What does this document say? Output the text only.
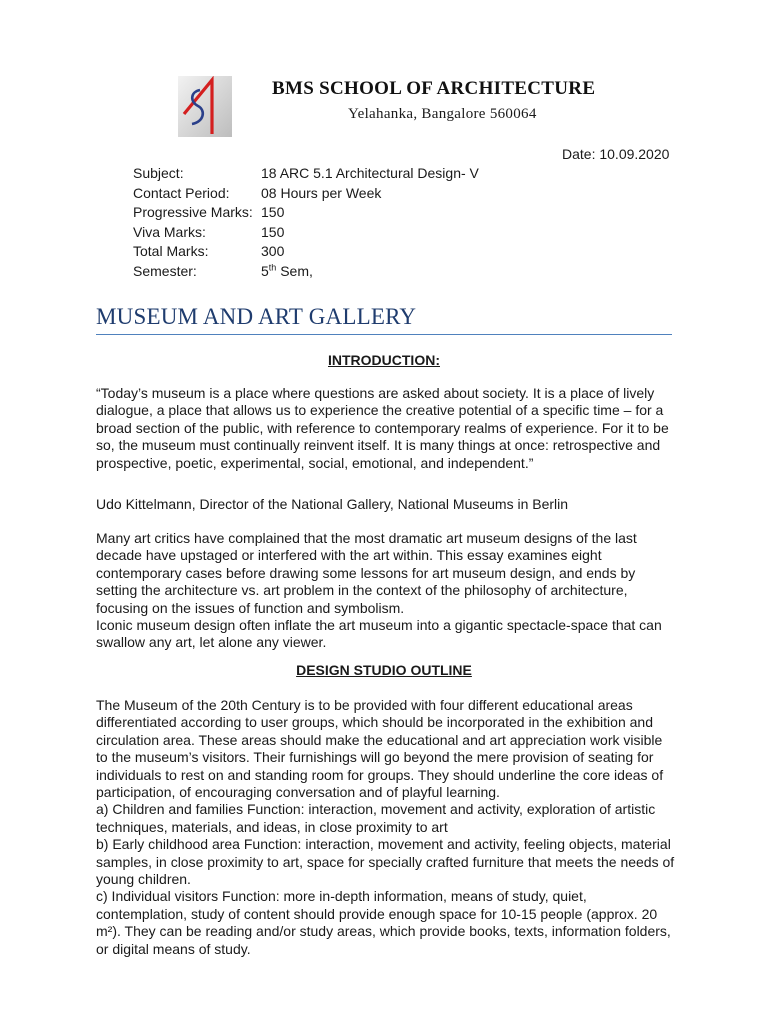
BMS SCHOOL OF ARCHITECTURE
Yelahanka, Bangalore 560064
Date: 10.09.2020
Subject:	18 ARC 5.1 Architectural Design- V
Contact Period:	08 Hours per Week
Progressive Marks: 150
Viva Marks:	150
Total Marks:	300
Semester:	5th Sem,
MUSEUM AND ART GALLERY
INTRODUCTION:
“Today’s museum is a place where questions are asked about society. It is a place of lively dialogue, a place that allows us to experience the creative potential of a specific time – for a broad section of the public, with reference to contemporary realms of experience. For it to be so, the museum must continually reinvent itself. It is many things at once: retrospective and prospective, poetic, experimental, social, emotional, and independent.”
Udo Kittelmann, Director of the National Gallery, National Museums in Berlin

Many art critics have complained that the most dramatic art museum designs of the last decade have upstaged or interfered with the art within. This essay examines eight contemporary cases before drawing some lessons for art museum design, and ends by setting the architecture vs. art problem in the context of the philosophy of architecture, focusing on the issues of function and symbolism.

Iconic museum design often inflate the art museum into a gigantic spectacle-space that can swallow any art, let alone any viewer.

DESIGN STUDIO OUTLINE

The Museum of the 20th Century is to be provided with four different educational areas differentiated according to user groups, which should be incorporated in the exhibition and circulation area. These areas should make the educational and art appreciation work visible to the museum’s visitors. Their furnishings will go beyond the mere provision of seating for individuals to rest on and standing room for groups. They should underline the core ideas of participation, of encouraging conversation and of playful learning.

a) Children and families Function: interaction, movement and activity, exploration of artistic techniques, materials, and ideas, in close proximity to art

b) Early childhood area Function: interaction, movement and activity, feeling objects, material samples, in close proximity to art, space for specially crafted furniture that meets the needs of young children.

c) Individual visitors Function: more in-depth information, means of study, quiet, contemplation, study of content should provide enough space for 10-15 people (approx. 20 m²). They can be reading and/or study areas, which provide books, texts, information folders, or digital means of study.
